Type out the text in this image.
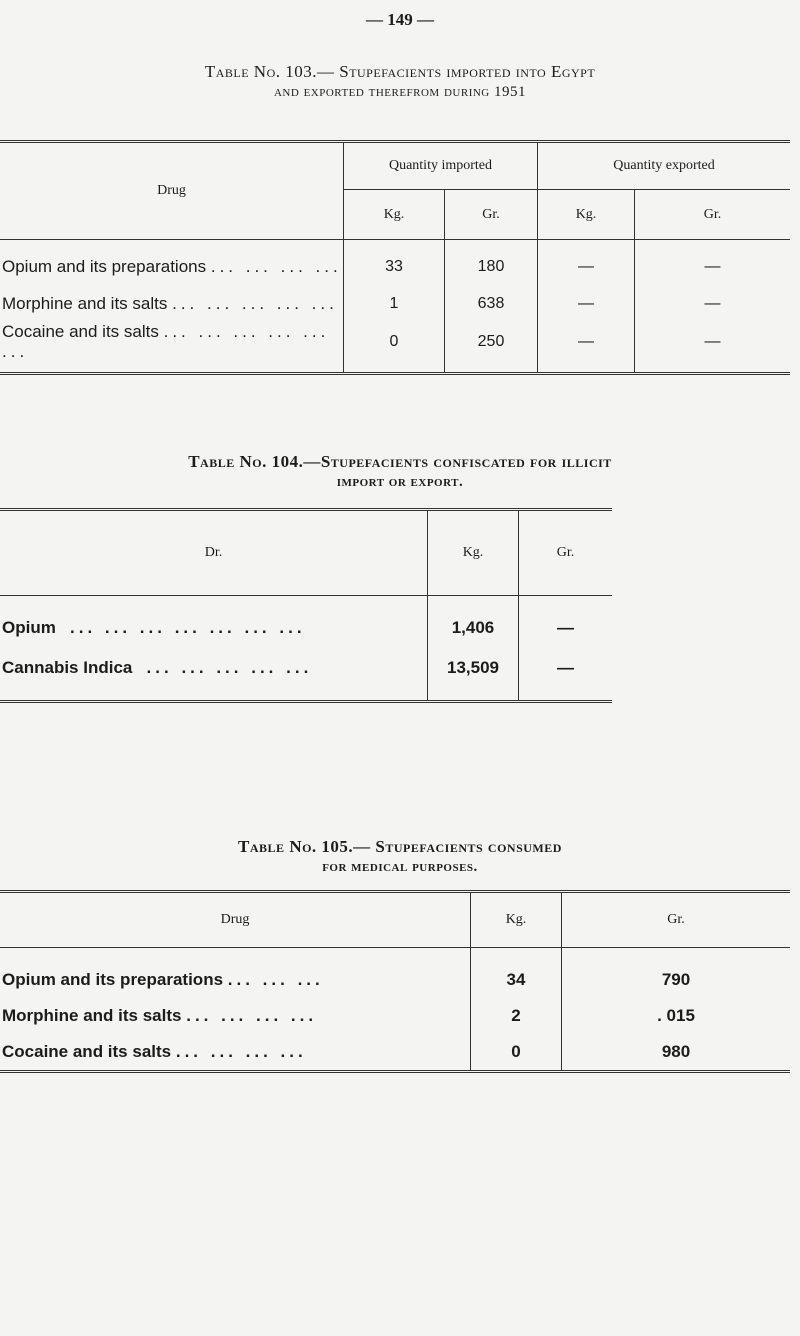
— 149 —
Table No. 103.— Stupefacients imported into Egypt
and exported therefrom during 1951
Drug	Quantity imported		Quantity exported	
	Kg.	Gr.	Kg.	Gr.

Opium and its preparations ... ... ... ...	33	180	—	—
Morphine and its salts ... ... ... ... ...	1	638	—	—
Cocaine and its salts ... ... ... ... ... ...	0	250	—	—

Table No. 104.—Stupefacients confiscated for illicit
import or export.
Dr.	Kg.	Gr.

Opium ... ... ... ... ... ... ...	1,406	—
Cannabis Indica ... ... ... ... ...	13,509	—

Table No. 105.— Stupefacients consumed
for medical purposes.
Drug	Kg.	Gr.

Opium and its preparations ... ... ...	34	790
Morphine and its salts ... ... ... ...	2	. 015
Cocaine and its salts ... ... ... ...	0	980
